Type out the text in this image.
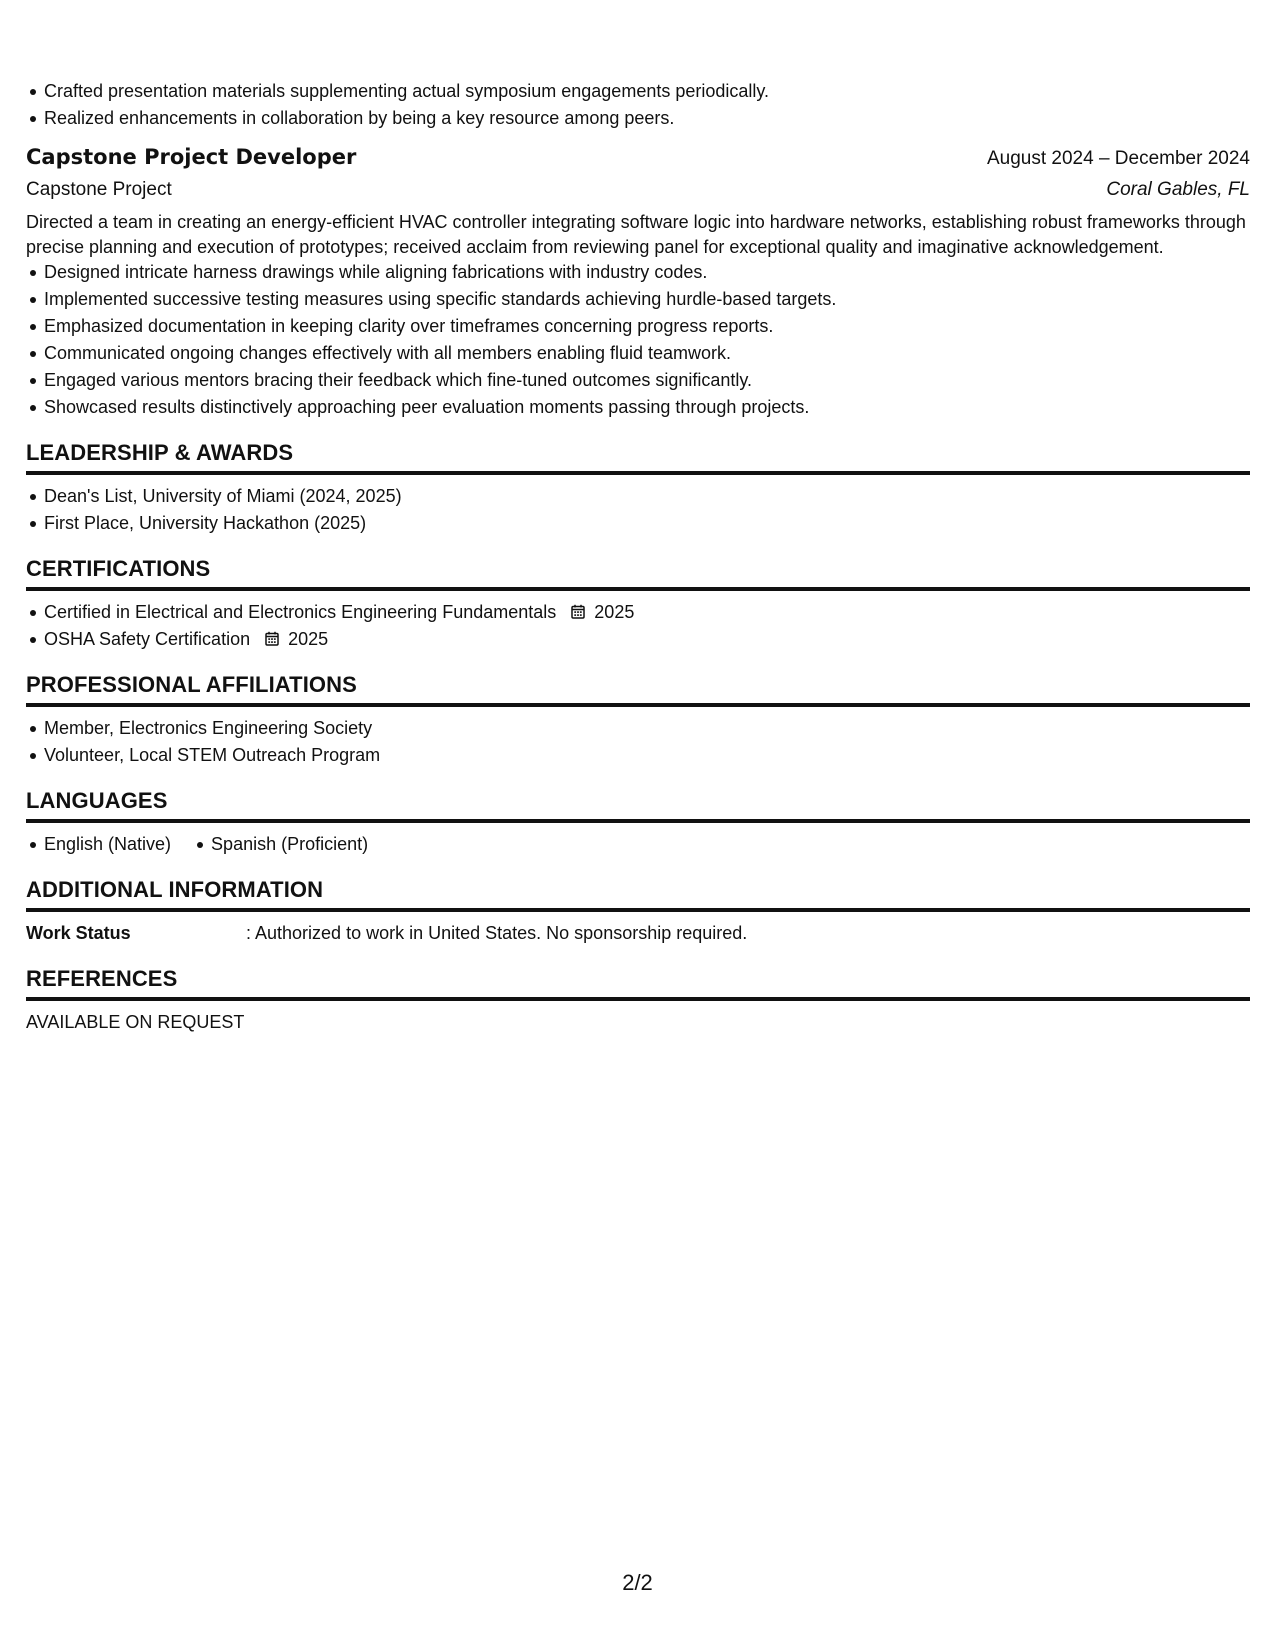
Crafted presentation materials supplementing actual symposium engagements periodically.
Realized enhancements in collaboration by being a key resource among peers.
Capstone Project Developer	August 2024 – December 2024
Capstone Project	Coral Gables, FL
Directed a team in creating an energy-efficient HVAC controller integrating software logic into hardware networks, establishing robust frameworks through precise planning and execution of prototypes; received acclaim from reviewing panel for exceptional quality and imaginative acknowledgement.
Designed intricate harness drawings while aligning fabrications with industry codes.
Implemented successive testing measures using specific standards achieving hurdle-based targets.
Emphasized documentation in keeping clarity over timeframes concerning progress reports.
Communicated ongoing changes effectively with all members enabling fluid teamwork.
Engaged various mentors bracing their feedback which fine-tuned outcomes significantly.
Showcased results distinctively approaching peer evaluation moments passing through projects.
LEADERSHIP & AWARDS
Dean's List, University of Miami (2024, 2025)
First Place, University Hackathon (2025)
CERTIFICATIONS
Certified in Electrical and Electronics Engineering Fundamentals 2025
OSHA Safety Certification 2025
PROFESSIONAL AFFILIATIONS
Member, Electronics Engineering Society
Volunteer, Local STEM Outreach Program
LANGUAGES
English (Native)	Spanish (Proficient)
ADDITIONAL INFORMATION
Work Status	: Authorized to work in United States. No sponsorship required.
REFERENCES
AVAILABLE ON REQUEST
2/2
